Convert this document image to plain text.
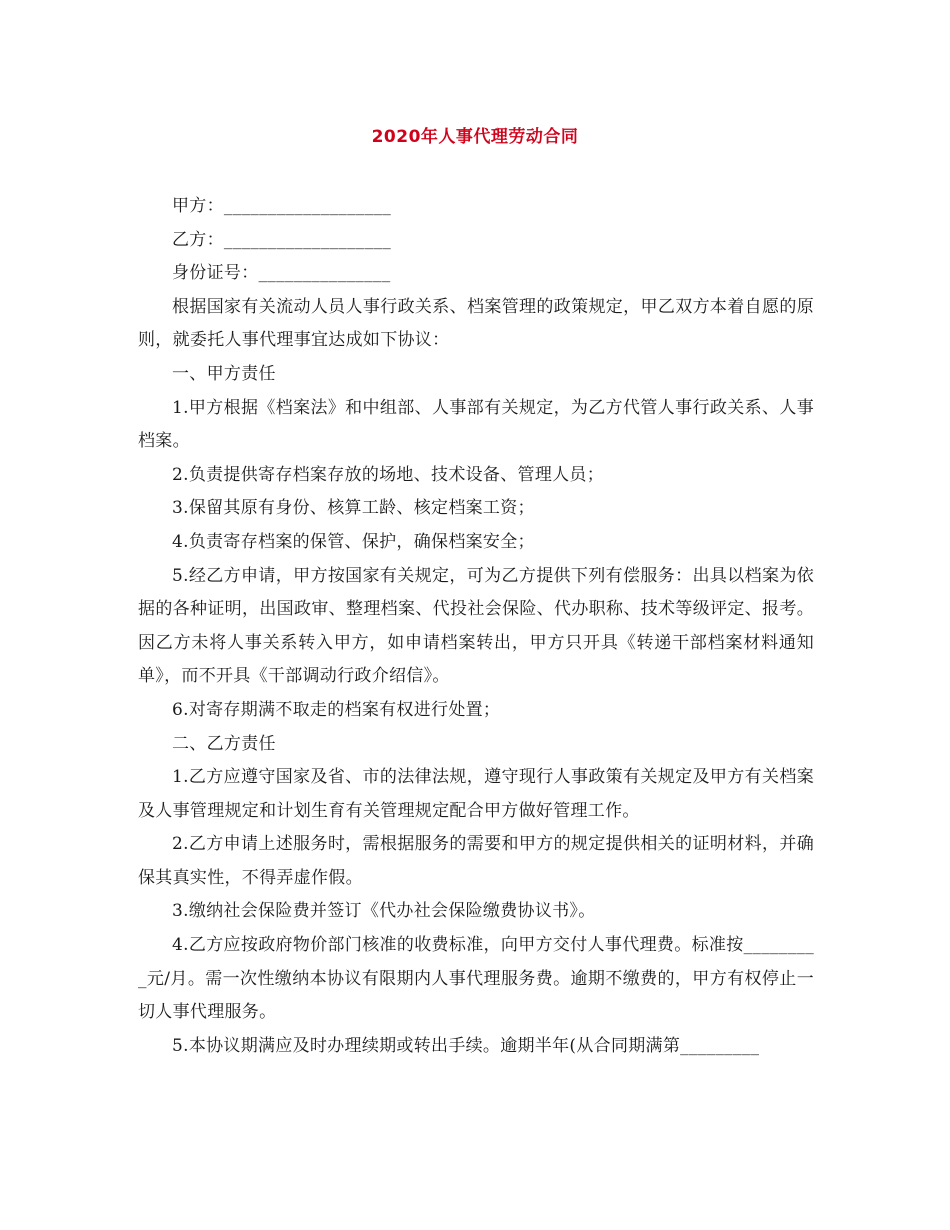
2020年人事代理劳动合同

甲方：___________________

乙方：___________________

身份证号：_______________

根据国家有关流动人员人事行政关系、档案管理的政策规定，甲乙双方本着自愿的原则，就委托人事代理事宜达成如下协议：

一、甲方责任

1.甲方根据《档案法》和中组部、人事部有关规定，为乙方代管人事行政关系、人事档案。

2.负责提供寄存档案存放的场地、技术设备、管理人员；

3.保留其原有身份、核算工龄、核定档案工资；

4.负责寄存档案的保管、保护，确保档案安全；

5.经乙方申请，甲方按国家有关规定，可为乙方提供下列有偿服务：出具以档案为依据的各种证明，出国政审、整理档案、代投社会保险、代办职称、技术等级评定、报考。因乙方未将人事关系转入甲方，如申请档案转出，甲方只开具《转递干部档案材料通知单》，而不开具《干部调动行政介绍信》。

6.对寄存期满不取走的档案有权进行处置；

二、乙方责任

1.乙方应遵守国家及省、市的法律法规，遵守现行人事政策有关规定及甲方有关档案及人事管理规定和计划生育有关管理规定配合甲方做好管理工作。

2.乙方申请上述服务时，需根据服务的需要和甲方的规定提供相关的证明材料，并确保其真实性，不得弄虚作假。

3.缴纳社会保险费并签订《代办社会保险缴费协议书》。

4.乙方应按政府物价部门核准的收费标准，向甲方交付人事代理费。标准按_________元/月。需一次性缴纳本协议有限期内人事代理服务费。逾期不缴费的，甲方有权停止一切人事代理服务。

5.本协议期满应及时办理续期或转出手续。逾期半年(从合同期满第_________
